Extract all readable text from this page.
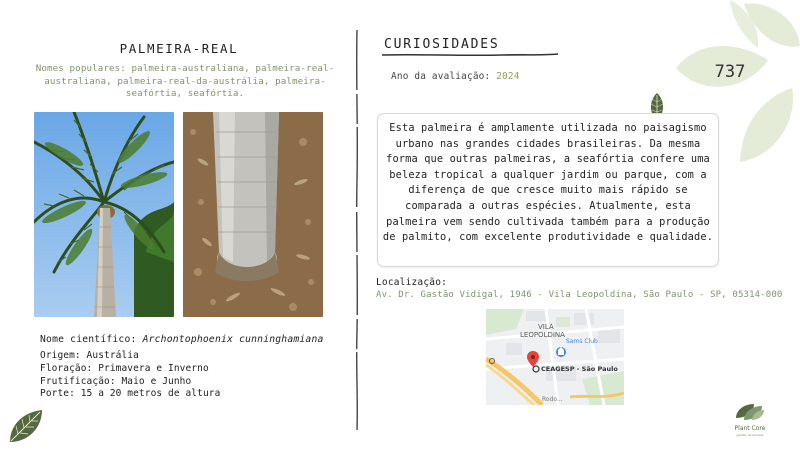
PALMEIRA-REAL
Nomes populares: palmeira-australiana, palmeira-real-australiana, palmeira-real-da-austrália, palmeira-seafórtia, seafórtia.
Nome científico: Archontophoenix cunninghamiana
Origem: Austrália
Floração: Primavera e Inverno
Frutificação: Maio e Junho
Porte: 15 a 20 metros de altura
CURIOSIDADES
Ano da avaliação: 2024	737
Esta palmeira é amplamente utilizada no paisagismo urbano nas grandes cidades brasileiras. Da mesma forma que outras palmeiras, a seafórtia confere uma beleza tropical a qualquer jardim ou parque, com a diferença de que cresce muito mais rápido se comparada a outras espécies. Atualmente, esta palmeira vem sendo cultivada também para a produção de palmito, com excelente produtividade e qualidade.
Localização:
Av. Dr. Gastão Vidigal, 1946 - Vila Leopoldina, São Paulo - SP, 05314-000
VILA
LEOPOLDINA
Sams Club
CEAGESP - São Paulo
Rodo...
Plant Core
gestão de plantas
